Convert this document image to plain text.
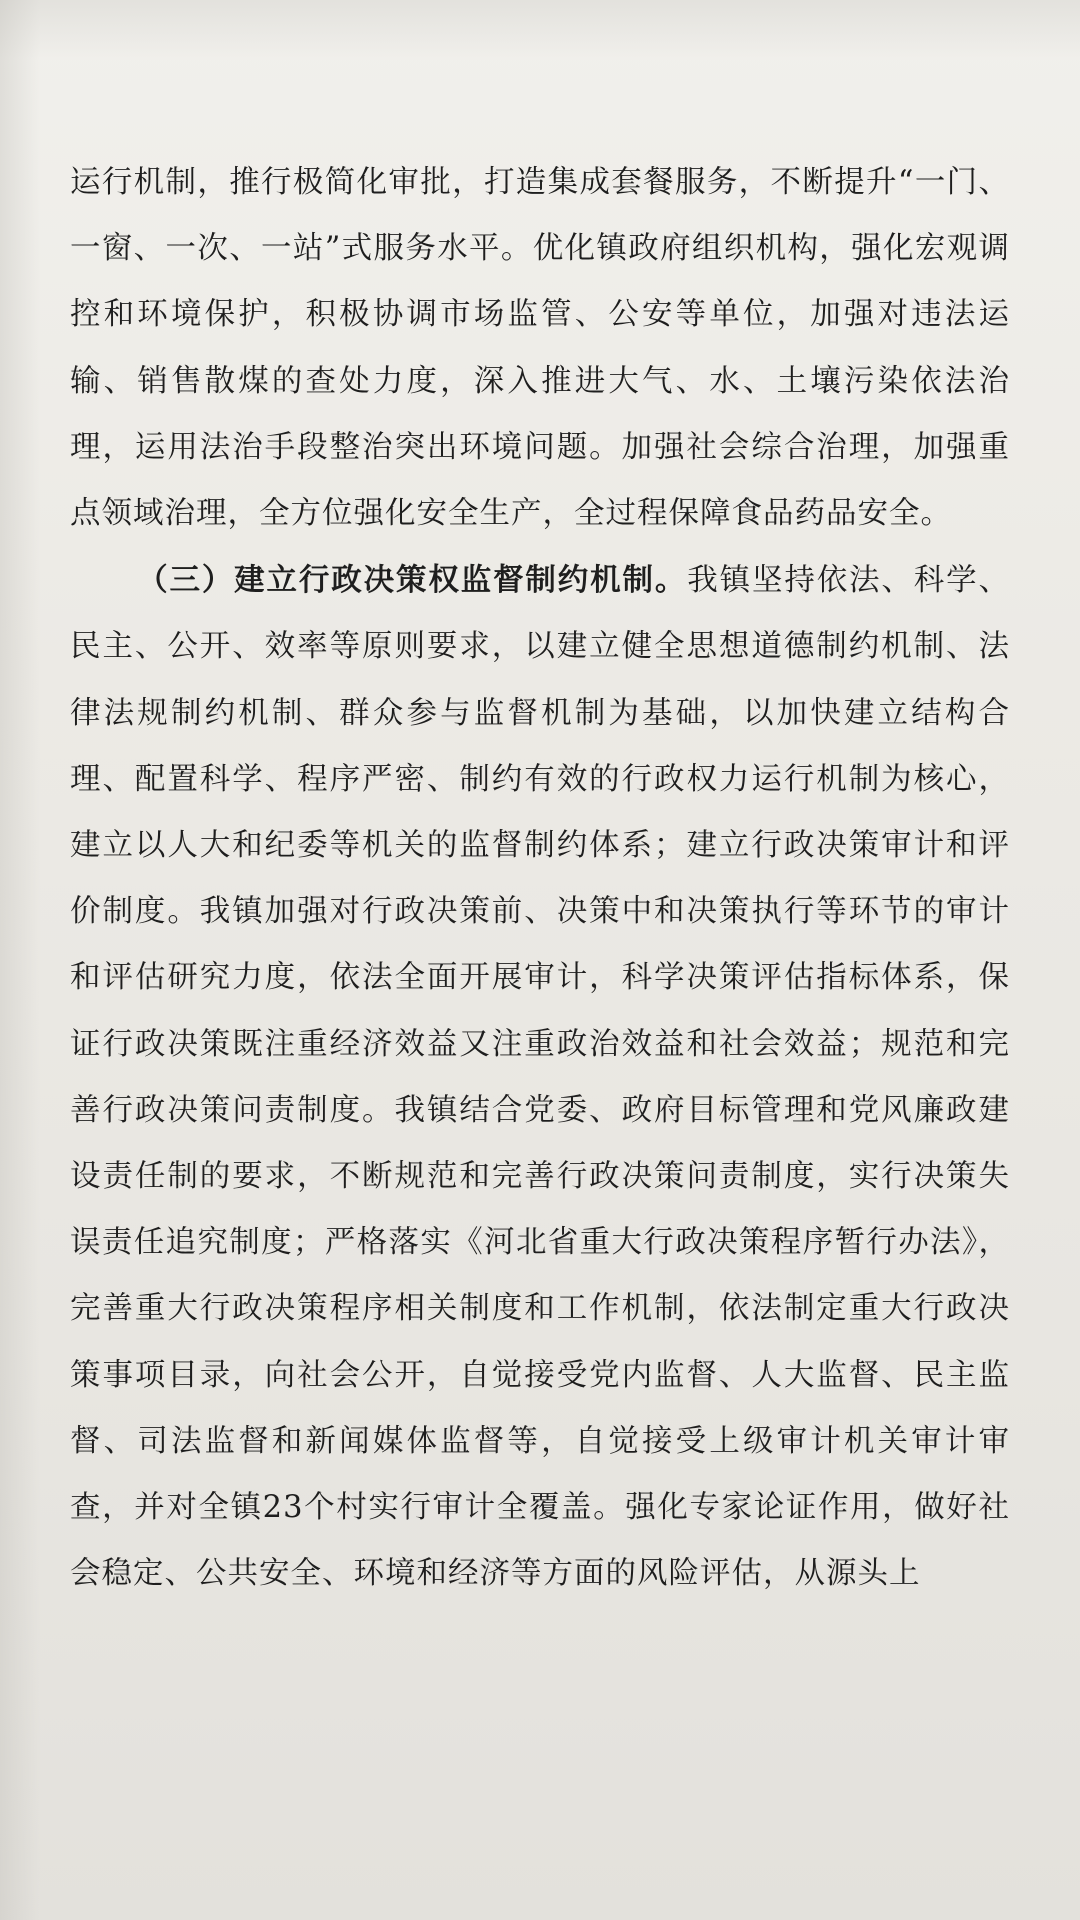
运行机制，推行极简化审批，打造集成套餐服务，不断提升“一门、一窗、一次、一站”式服务水平。优化镇政府组织机构，强化宏观调控和环境保护，积极协调市场监管、公安等单位，加强对违法运输、销售散煤的查处力度，深入推进大气、水、土壤污染依法治理，运用法治手段整治突出环境问题。加强社会综合治理，加强重点领域治理，全方位强化安全生产，全过程保障食品药品安全。

（三）建立行政决策权监督制约机制。我镇坚持依法、科学、民主、公开、效率等原则要求，以建立健全思想道德制约机制、法律法规制约机制、群众参与监督机制为基础，以加快建立结构合理、配置科学、程序严密、制约有效的行政权力运行机制为核心，建立以人大和纪委等机关的监督制约体系；建立行政决策审计和评价制度。我镇加强对行政决策前、决策中和决策执行等环节的审计和评估研究力度，依法全面开展审计，科学决策评估指标体系，保证行政决策既注重经济效益又注重政治效益和社会效益；规范和完善行政决策问责制度。我镇结合党委、政府目标管理和党风廉政建设责任制的要求，不断规范和完善行政决策问责制度，实行决策失误责任追究制度；严格落实《河北省重大行政决策程序暂行办法》，完善重大行政决策程序相关制度和工作机制，依法制定重大行政决策事项目录，向社会公开，自觉接受党内监督、人大监督、民主监督、司法监督和新闻媒体监督等，自觉接受上级审计机关审计审查，并对全镇23个村实行审计全覆盖。强化专家论证作用，做好社会稳定、公共安全、环境和经济等方面的风险评估，从源头上
